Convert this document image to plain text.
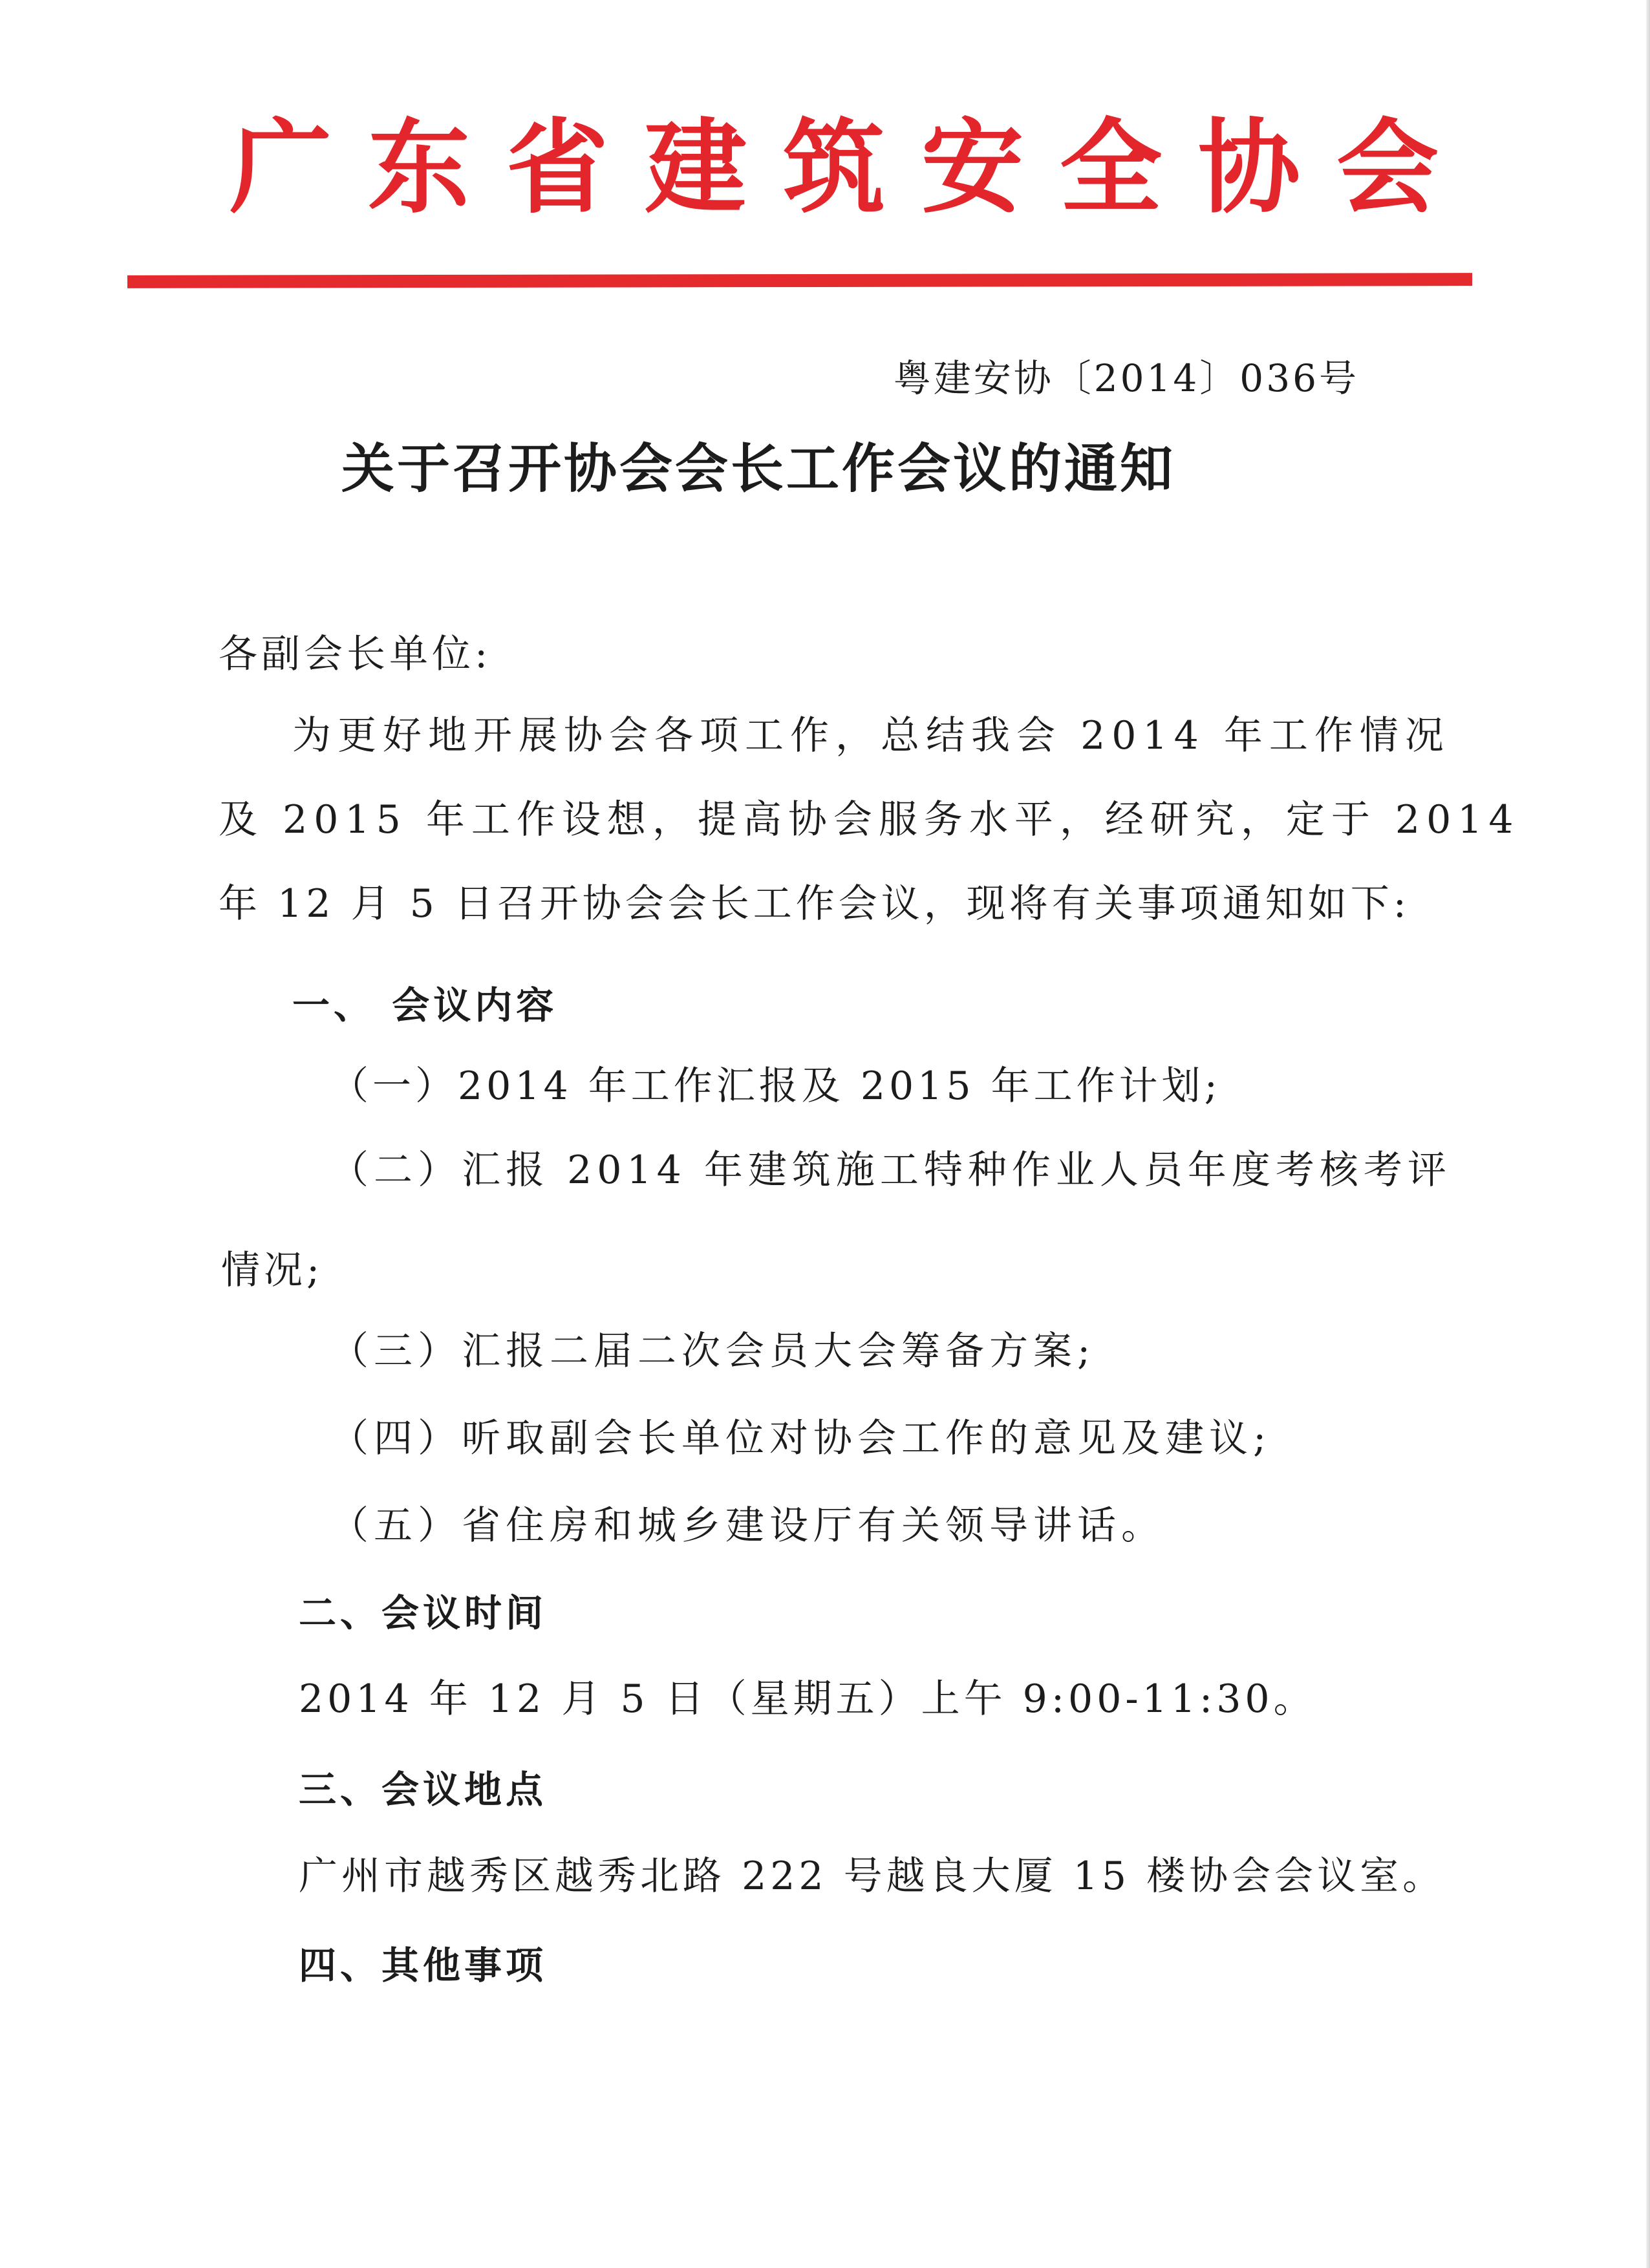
广东省建筑安全协会
粤建安协〔2014〕036号
关于召开协会会长工作会议的通知
各副会长单位:
为更好地开展协会各项工作，总结我会 2014 年工作情况
及 2015 年工作设想，提高协会服务水平，经研究，定于 2014
年 12 月 5 日召开协会会长工作会议，现将有关事项通知如下:
一、 会议内容
（一）2014 年工作汇报及 2015 年工作计划;
（二）汇报 2014 年建筑施工特种作业人员年度考核考评
情况;
（三）汇报二届二次会员大会筹备方案;
（四）听取副会长单位对协会工作的意见及建议;
（五）省住房和城乡建设厅有关领导讲话。
二、会议时间
2014 年 12 月 5 日（星期五）上午 9:00-11:30。
三、会议地点
广州市越秀区越秀北路 222 号越良大厦 15 楼协会会议室。
四、其他事项
